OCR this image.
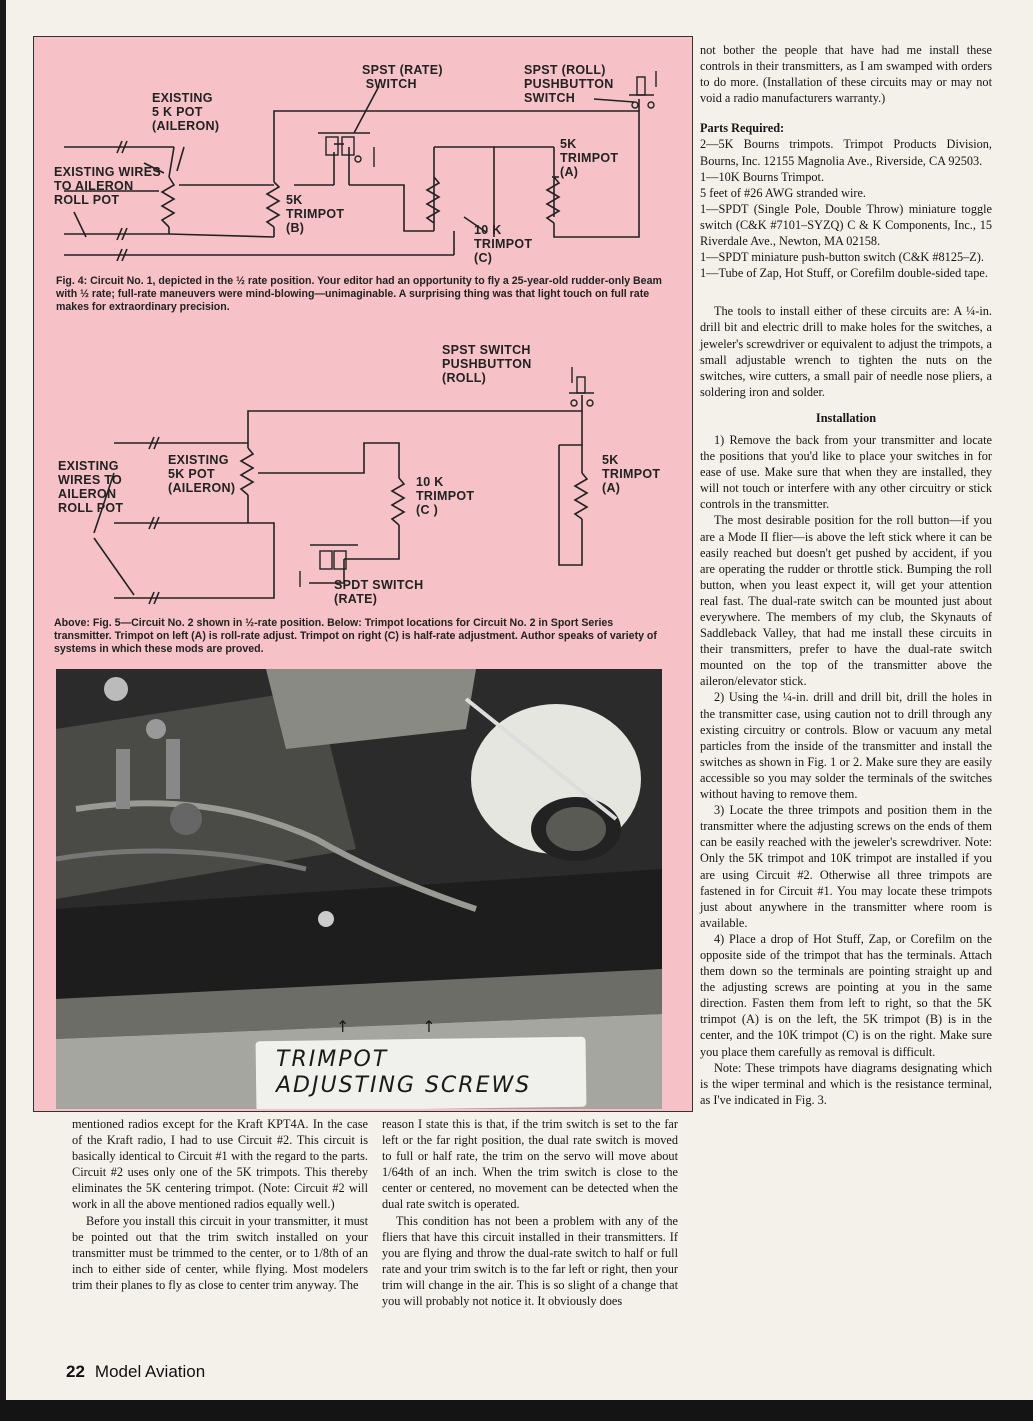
SPST (RATE)
SWITCH
SPST (ROLL)
PUSHBUTTON
SWITCH
EXISTING
5 K POT
(AILERON)
EXISTING WIRES
TO AILERON
ROLL POT
5K
TRIMPOT
(A)
5K
TRIMPOT
(B)	10 K
TRIMPOT
(C)
Fig. 4: Circuit No. 1, depicted in the ½ rate position. Your editor had an opportunity to fly a 25-year-old rudder-only Beam with ½ rate; full-rate maneuvers were mind-blowing—unimaginable. A surprising thing was that light touch on full rate makes for extraordinary precision.
SPST SWITCH
PUSHBUTTON
(ROLL)
EXISTING
WIRES TO
AILERON
ROLL POT
EXISTING
5K POT
(AILERON)	10 K
TRIMPOT
(C )
5K
TRIMPOT
(A)
SPDT SWITCH
(RATE)
Above: Fig. 5—Circuit No. 2 shown in ½-rate position. Below: Trimpot locations for Circuit No. 2 in Sport Series transmitter. Trimpot on left (A) is roll-rate adjust. Trimpot on right (C) is half-rate adjustment. Author speaks of variety of systems in which these mods are proved.
↑          ↑
TRIMPOT
ADJUSTING SCREWS

mentioned radios except for the Kraft KPT4A. In the case of the Kraft radio, I had to use Circuit #2. This circuit is basically identical to Circuit #1 with the regard to the parts. Circuit #2 uses only one of the 5K trimpots. This thereby eliminates the 5K centering trimpot. (Note: Circuit #2 will work in all the above mentioned radios equally well.)

Before you install this circuit in your transmitter, it must be pointed out that the trim switch installed on your transmitter must be trimmed to the center, or to 1/8th of an inch to either side of center, while flying. Most modelers trim their planes to fly as close to center trim anyway. The

reason I state this is that, if the trim switch is set to the far left or the far right position, the dual rate switch is moved to full or half rate, the trim on the servo will move about 1/64th of an inch. When the trim switch is close to the center or centered, no movement can be detected when the dual rate switch is operated.

This condition has not been a problem with any of the fliers that have this circuit installed in their transmitters. If you are flying and throw the dual-rate switch to half or full rate and your trim switch is to the far left or right, then your trim will change in the air. This is so slight of a change that you will probably not notice it. It obviously does

not bother the people that have had me install these controls in their transmitters, as I am swamped with orders to do more. (Installation of these circuits may or may not void a radio manufacturers warranty.)

Parts Required:

2—5K Bourns trimpots. Trimpot Products Division, Bourns, Inc. 12155 Magnolia Ave., Riverside, CA 92503.

1—10K Bourns Trimpot.

5 feet of #26 AWG stranded wire.

1—SPDT (Single Pole, Double Throw) miniature toggle switch (C&K #7101–SYZQ) C & K Components, Inc., 15 Riverdale Ave., Newton, MA 02158.

1—SPDT miniature push-button switch (C&K #8125–Z).

1—Tube of Zap, Hot Stuff, or Corefilm double-sided tape.

The tools to install either of these circuits are: A ¼-in. drill bit and electric drill to make holes for the switches, a jeweler's screwdriver or equivalent to adjust the trimpots, a small adjustable wrench to tighten the nuts on the switches, wire cutters, a small pair of needle nose pliers, a soldering iron and solder.

Installation

1) Remove the back from your transmitter and locate the positions that you'd like to place your switches in for ease of use. Make sure that when they are installed, they will not touch or interfere with any other circuitry or stick controls in the transmitter.

The most desirable position for the roll button—if you are a Mode II flier—is above the left stick where it can be easily reached but doesn't get pushed by accident, if you are operating the rudder or throttle stick. Bumping the roll button, when you least expect it, will get your attention real fast. The dual-rate switch can be mounted just about everywhere. The members of my club, the Skynauts of Saddleback Valley, that had me install these circuits in their transmitters, prefer to have the dual-rate switch mounted on the top of the transmitter above the aileron/elevator stick.

2) Using the ¼-in. drill and drill bit, drill the holes in the transmitter case, using caution not to drill through any existing circuitry or controls. Blow or vacuum any metal particles from the inside of the transmitter and install the switches as shown in Fig. 1 or 2. Make sure they are easily accessible so you may solder the terminals of the switches without having to remove them.

3) Locate the three trimpots and position them in the transmitter where the adjusting screws on the ends of them can be easily reached with the jeweler's screwdriver. Note: Only the 5K trimpot and 10K trimpot are installed if you are using Circuit #2. Otherwise all three trimpots are fastened in for Circuit #1. You may locate these trimpots just about anywhere in the transmitter where room is available.

4) Place a drop of Hot Stuff, Zap, or Corefilm on the opposite side of the trimpot that has the terminals. Attach them down so the terminals are pointing straight up and the adjusting screws are pointing at you in the same direction. Fasten them from left to right, so that the 5K trimpot (A) is on the left, the 5K trimpot (B) is in the center, and the 10K trimpot (C) is on the right. Make sure you place them carefully as removal is difficult.

Note: These trimpots have diagrams designating which is the wiper terminal and which is the resistance terminal, as I've indicated in Fig. 3.

22 Model Aviation
